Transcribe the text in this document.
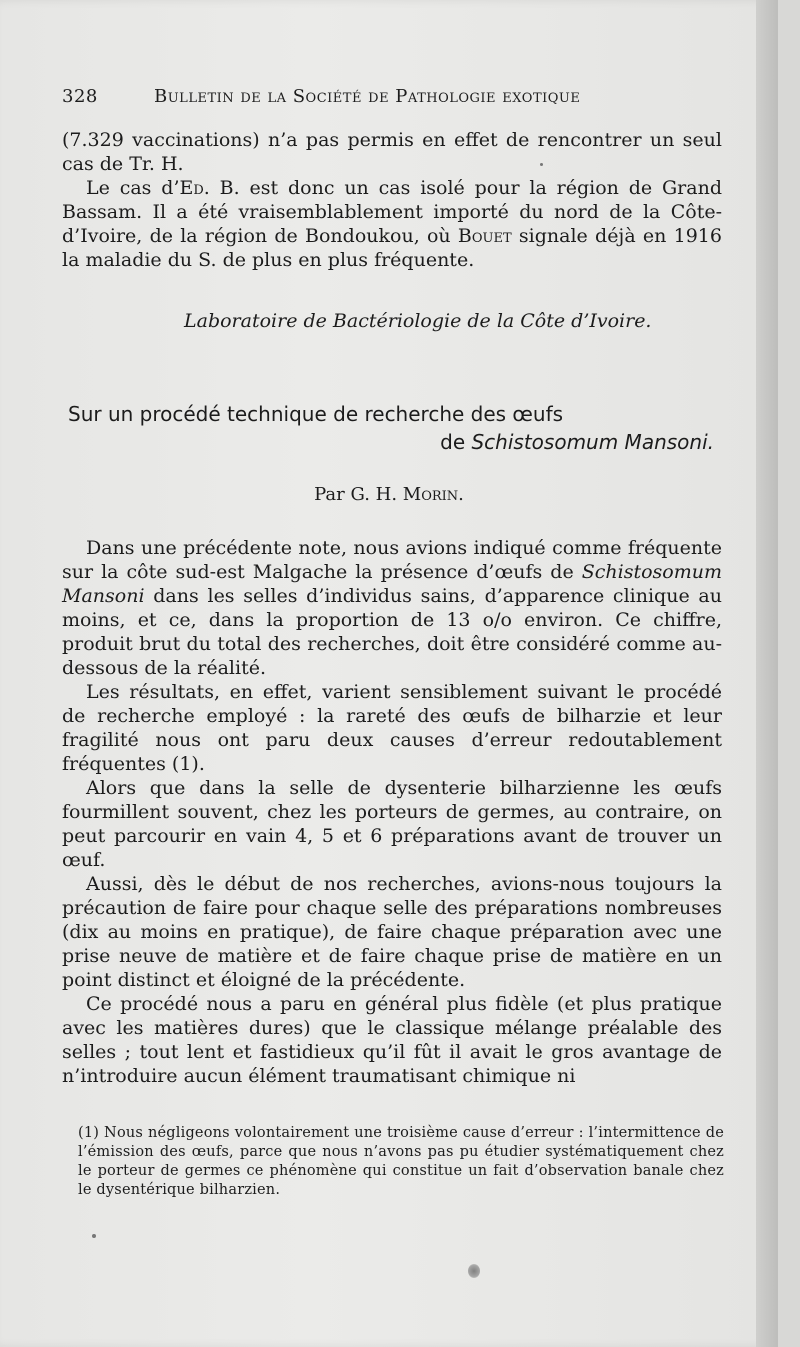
328	Bulletin de la Société de Pathologie exotique

(7.329 vaccinations) n’a pas permis en effet de rencontrer un seul cas de Tr. H.

Le cas d’Ed. B. est donc un cas isolé pour la région de Grand Bassam. Il a été vraisemblablement importé du nord de la Côte-d’Ivoire, de la région de Bondoukou, où Bouet signale déjà en 1916 la maladie du S. de plus en plus fréquente.

Laboratoire de Bactériologie de la Côte d’Ivoire.
Sur un procédé technique de recherche des œufs
de Schistosomum Mansoni.
Par G. H. Morin.

Dans une précédente note, nous avions indiqué comme fréquente sur la côte sud-est Malgache la présence d’œufs de Schistosomum Mansoni dans les selles d’individus sains, d’apparence clinique au moins, et ce, dans la proportion de 13 o/o environ. Ce chiffre, produit brut du total des recherches, doit être considéré comme au-dessous de la réalité.

Les résultats, en effet, varient sensiblement suivant le procédé de recherche employé : la rareté des œufs de bilharzie et leur fragilité nous ont paru deux causes d’erreur redoutablement fréquentes (1).

Alors que dans la selle de dysenterie bilharzienne les œufs fourmillent souvent, chez les porteurs de germes, au contraire, on peut parcourir en vain 4, 5 et 6 préparations avant de trouver un œuf.

Aussi, dès le début de nos recherches, avions-nous toujours la précaution de faire pour chaque selle des préparations nombreuses (dix au moins en pratique), de faire chaque préparation avec une prise neuve de matière et de faire chaque prise de matière en un point distinct et éloigné de la précédente.

Ce procédé nous a paru en général plus fidèle (et plus pratique avec les matières dures) que le classique mélange préalable des selles ; tout lent et fastidieux qu’il fût il avait le gros avantage de n’introduire aucun élément traumatisant chimique ni

(1) Nous négligeons volontairement une troisième cause d’erreur : l’intermittence de l’émission des œufs, parce que nous n’avons pas pu étudier systématiquement chez le porteur de germes ce phénomène qui constitue un fait d’observation banale chez le dysentérique bilharzien.
